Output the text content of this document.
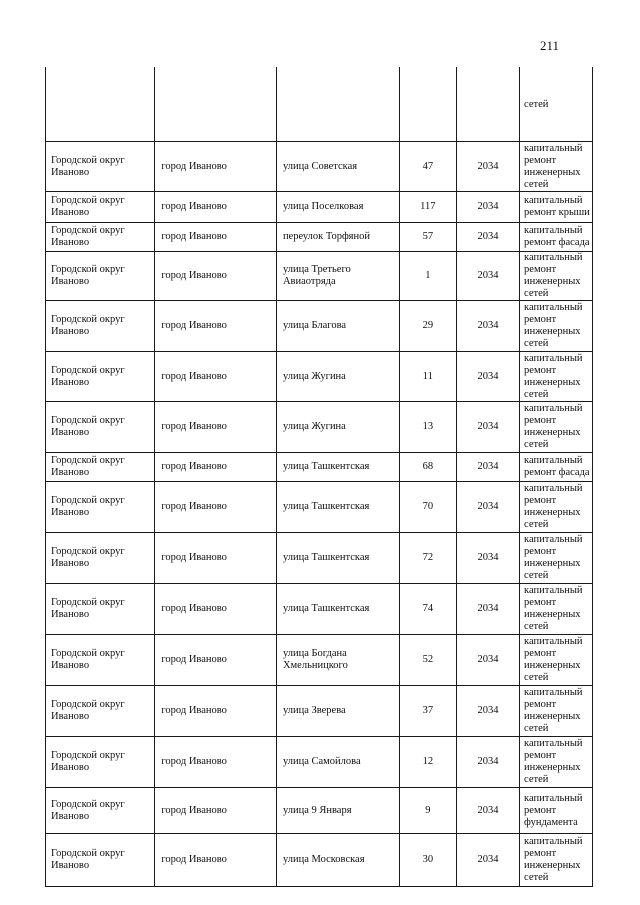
211
					сетей
Городской округ Иваново	город Иваново	улица Советская	47	2034	капитальный ремонт инженерных сетей
Городской округ Иваново	город Иваново	улица Поселковая	117	2034	капитальный ремонт крыши
Городской округ Иваново	город Иваново	переулок Торфяной	57	2034	капитальный ремонт фасада
Городской округ Иваново	город Иваново	улица Третьего Авиаотряда	1	2034	капитальный ремонт инженерных сетей
Городской округ Иваново	город Иваново	улица Благова	29	2034	капитальный ремонт инженерных сетей
Городской округ Иваново	город Иваново	улица Жугина	11	2034	капитальный ремонт инженерных сетей
Городской округ Иваново	город Иваново	улица Жугина	13	2034	капитальный ремонт инженерных сетей
Городской округ Иваново	город Иваново	улица Ташкентская	68	2034	капитальный ремонт фасада
Городской округ Иваново	город Иваново	улица Ташкентская	70	2034	капитальный ремонт инженерных сетей
Городской округ Иваново	город Иваново	улица Ташкентская	72	2034	капитальный ремонт инженерных сетей
Городской округ Иваново	город Иваново	улица Ташкентская	74	2034	капитальный ремонт инженерных сетей
Городской округ Иваново	город Иваново	улица Богдана Хмельницкого	52	2034	капитальный ремонт инженерных сетей
Городской округ Иваново	город Иваново	улица Зверева	37	2034	капитальный ремонт инженерных сетей
Городской округ Иваново	город Иваново	улица Самойлова	12	2034	капитальный ремонт инженерных сетей
Городской округ Иваново	город Иваново	улица 9 Января	9	2034	капитальный ремонт фундамента
Городской округ Иваново	город Иваново	улица Московская	30	2034	капитальный ремонт инженерных сетей
